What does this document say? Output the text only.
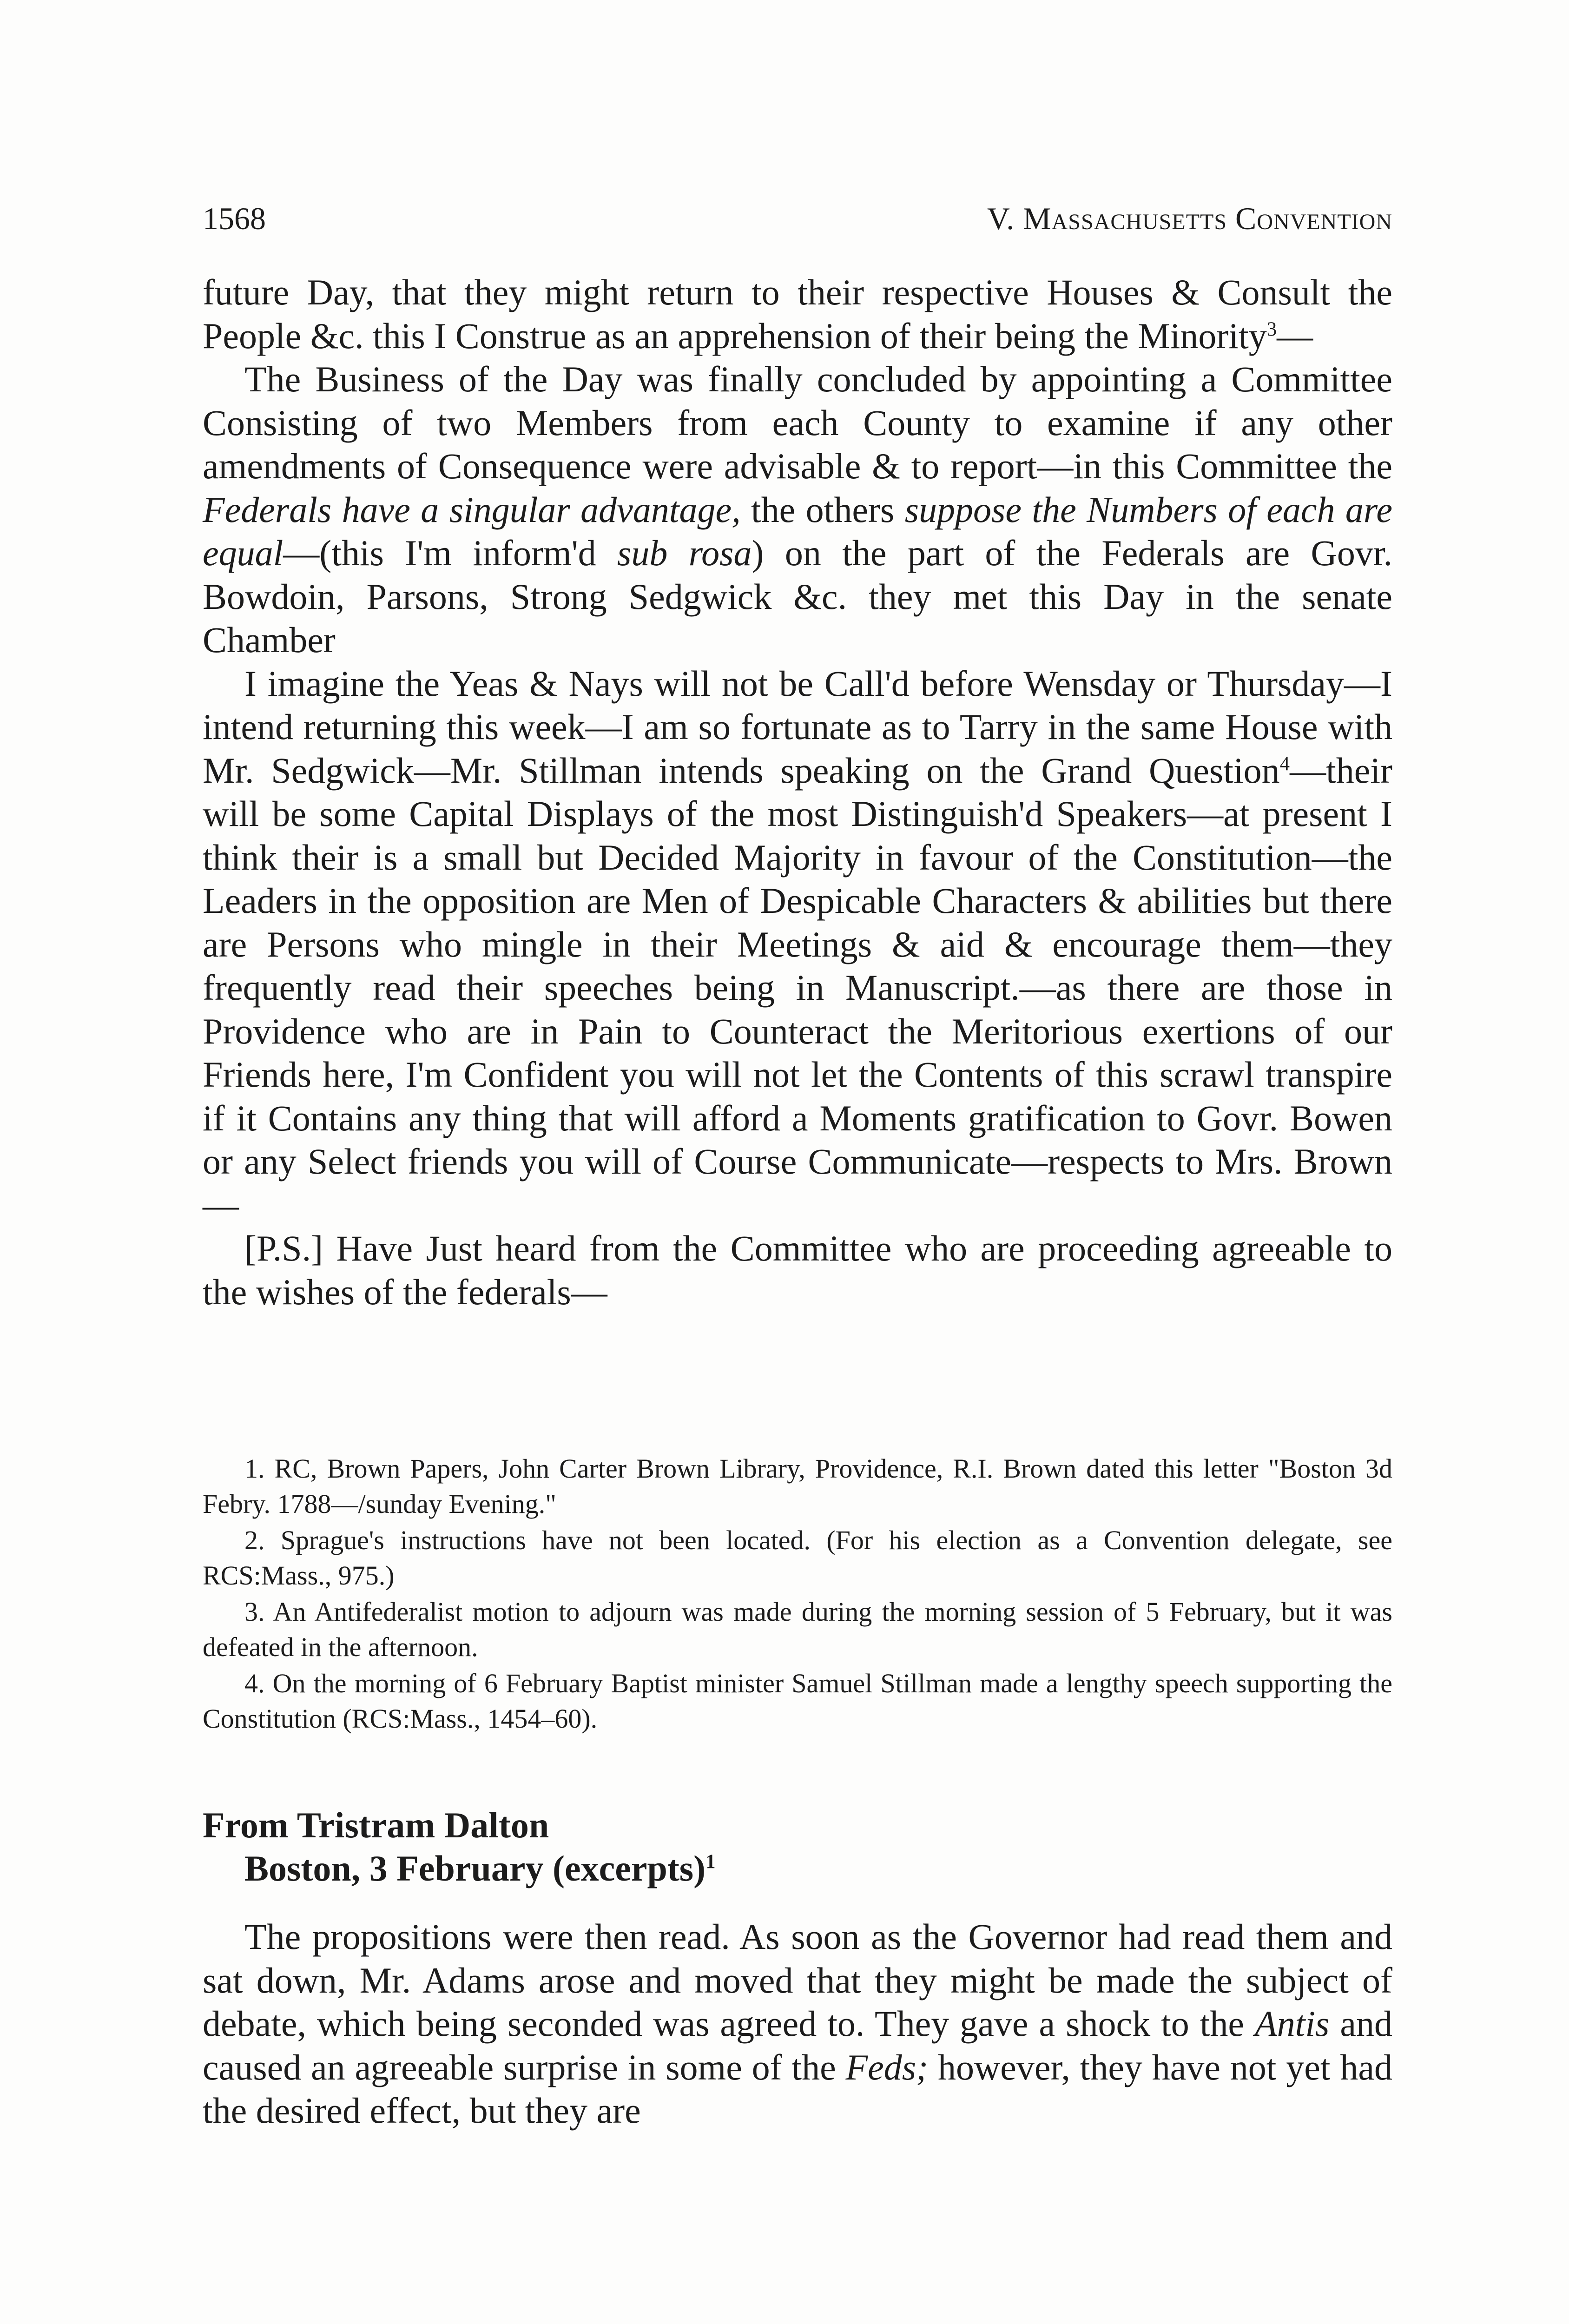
1568	V. Massachusetts Convention

future Day, that they might return to their respective Houses & Consult the People &c. this I Construe as an apprehension of their being the Minority$^3$—

The Business of the Day was finally concluded by appointing a Committee Consisting of two Members from each County to examine if any other amendments of Consequence were advisable & to report—in this Committee the Federals have a singular advantage, the others suppose the Numbers of each are equal—(this I'm inform'd sub rosa) on the part of the Federals are Govr. Bowdoin, Parsons, Strong Sedgwick &c. they met this Day in the senate Chamber

I imagine the Yeas & Nays will not be Call'd before Wensday or Thursday—I intend returning this week—I am so fortunate as to Tarry in the same House with Mr. Sedgwick—Mr. Stillman intends speaking on the Grand Question$^4$—their will be some Capital Displays of the most Distinguish'd Speakers—at present I think their is a small but Decided Majority in favour of the Constitution—the Leaders in the opposition are Men of Despicable Characters & abilities but there are Persons who mingle in their Meetings & aid & encourage them—they frequently read their speeches being in Manuscript.—as there are those in Providence who are in Pain to Counteract the Meritorious exertions of our Friends here, I'm Confident you will not let the Contents of this scrawl transpire if it Contains any thing that will afford a Moments gratification to Govr. Bowen or any Select friends you will of Course Communicate—respects to Mrs. Brown—

[P.S.] Have Just heard from the Committee who are proceeding agreeable to the wishes of the federals—

1. RC, Brown Papers, John Carter Brown Library, Providence, R.I. Brown dated this letter "Boston 3d Febry. 1788—/sunday Evening."

2. Sprague's instructions have not been located. (For his election as a Convention delegate, see RCS:Mass., 975.)

3. An Antifederalist motion to adjourn was made during the morning session of 5 February, but it was defeated in the afternoon.

4. On the morning of 6 February Baptist minister Samuel Stillman made a lengthy speech supporting the Constitution (RCS:Mass., 1454–60).

From Tristram Dalton
Boston, 3 February (excerpts)$^1$

The propositions were then read. As soon as the Governor had read them and sat down, Mr. Adams arose and moved that they might be made the subject of debate, which being seconded was agreed to. They gave a shock to the Antis and caused an agreeable surprise in some of the Feds; however, they have not yet had the desired effect, but they are
